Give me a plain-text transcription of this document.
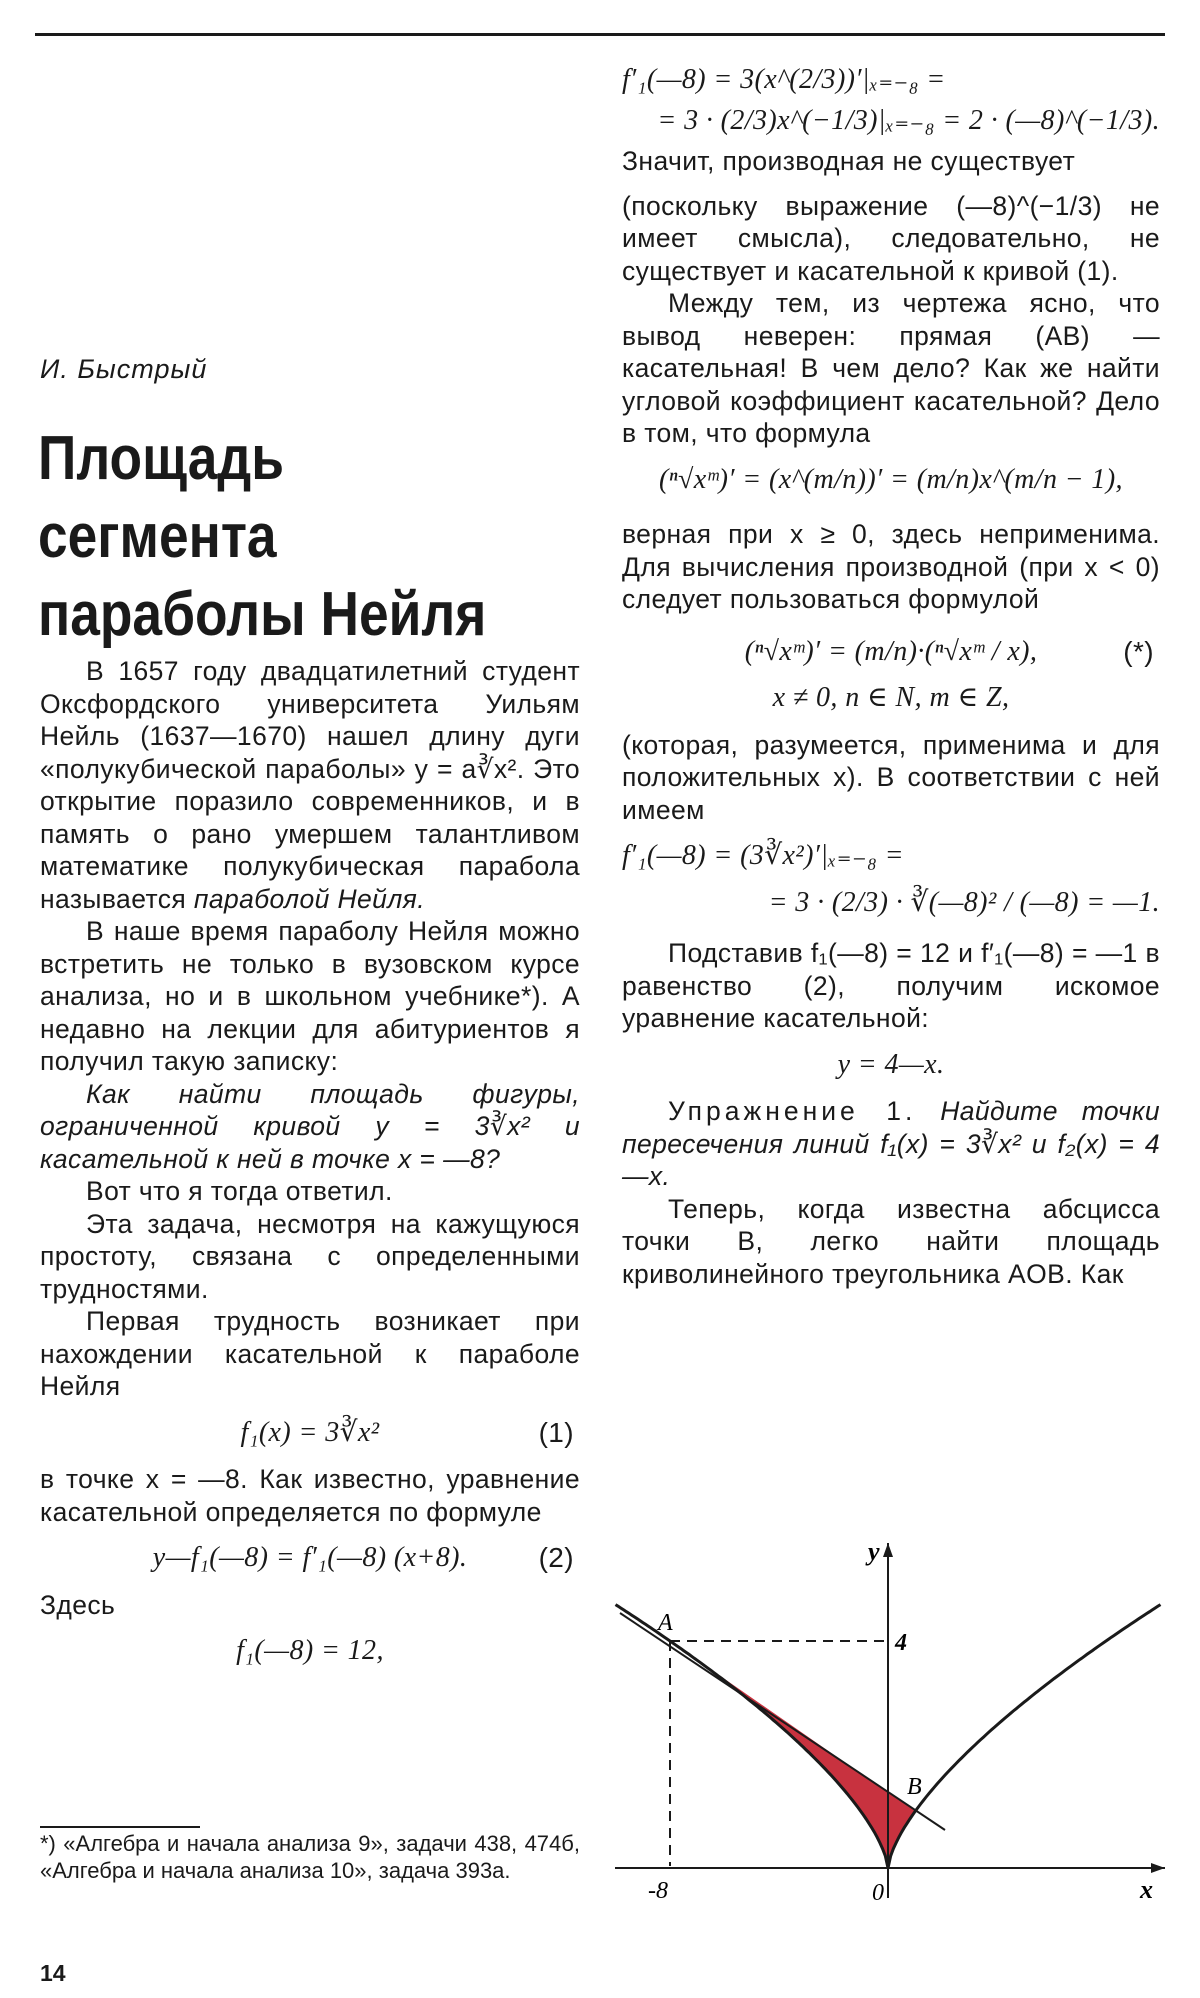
И. Быстрый
Площадь сегмента
параболы Нейля

В 1657 году двадцатилетний студент Оксфордского университета Уильям Нейль (1637—1670) нашел длину дуги «полукубической параболы» y = a∛x². Это открытие поразило современников, и в память о рано умершем талантливом математике полукубическая парабола называется параболой Нейля.

В наше время параболу Нейля можно встретить не только в вузовском курсе анализа, но и в школьном учебнике*). А недавно на лекции для абитуриентов я получил такую записку:

Как найти площадь фигуры, ограниченной кривой y = 3∛x² и касательной к ней в точке x = —8?

Вот что я тогда ответил.

Эта задача, несмотря на кажущуюся простоту, связана с определенными трудностями.

Первая трудность возникает при нахождении касательной к параболе Нейля

f₁(x) = 3∛x²	(1)

в точке x = —8. Как известно, уравнение касательной определяется по формуле

y—f₁(—8) = f′₁(—8) (x+8).	(2)

Здесь

f₁(—8) = 12,
f′₁(—8) = 3(x^(2/3))′|ₓ₌₋₈ =
= 3 · (2/3)x^(−1/3)|ₓ₌₋₈ = 2 · (—8)^(−1/3).

Значит, производная не существует

(поскольку выражение (—8)^(−1/3) не имеет смысла), следовательно, не существует и касательной к кривой (1).

Между тем, из чертежа ясно, что вывод неверен: прямая (AB) — касательная! В чем дело? Как же найти угловой коэффициент касательной? Дело в том, что формула

(ⁿ√xᵐ)′ = (x^(m/n))′ = (m/n)x^(m/n − 1),

верная при x ≥ 0, здесь неприменима. Для вычисления производной (при x < 0) следует пользоваться формулой

(ⁿ√xᵐ)′ = (m/n)·(ⁿ√xᵐ / x),	(*)
x ≠ 0, n ∈ N, m ∈ Z,

(которая, разумеется, применима и для положительных x). В соответствии с ней имеем

f′₁(—8) = (3∛x²)′|ₓ₌₋₈ =
= 3 · (2/3) · ∛(—8)² / (—8) = —1.

Подставив f₁(—8) = 12 и f′₁(—8) = —1 в равенство (2), получим искомое уравнение касательной:

y = 4—x.

Упражнение 1. Найдите точки пересечения линий f₁(x) = 3∛x² и f₂(x) = 4—x.

Теперь, когда известна абсцисса точки B, легко найти площадь криволинейного треугольника AOB. Как

y
x
A
B
4
-8	0
*) «Алгебра и начала анализа 9», задачи 438, 474б, «Алгебра и начала анализа 10», задача 393а.
14
